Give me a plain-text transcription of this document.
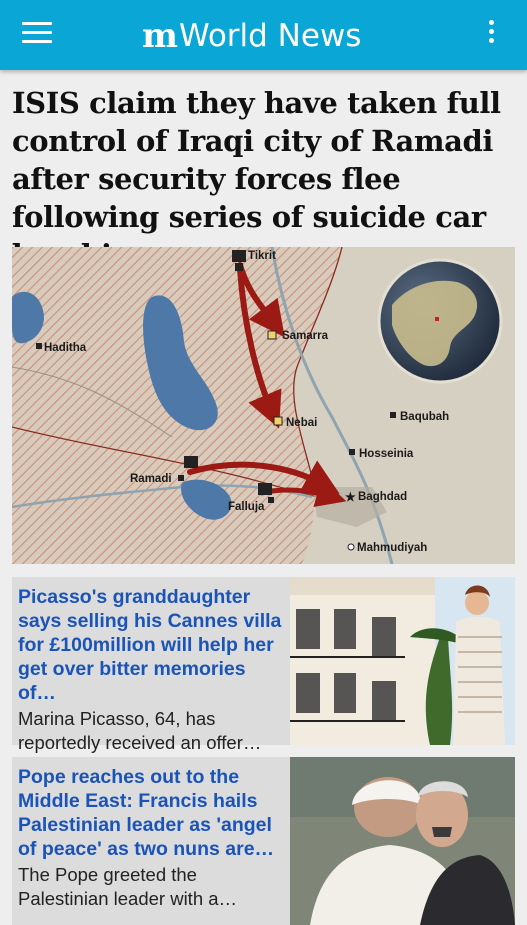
m World News
ISIS claim they have taken full control of Iraqi city of Ramadi after security forces flee following series of suicide car
Tikrit
Samarra
Haditha
Nebai	Baqubah
Hosseinia
Ramadi
Falluja
★ Baghdad
Mahmudiyah
Picasso's granddaughter says selling his Cannes villa for £100million will help her get over bitter memories of…
Marina Picasso, 64, has reportedly received an offer…
Pope reaches out to the Middle East: Francis hails Palestinian leader as 'angel of peace' as two nuns are…
The Pope greeted the Palestinian leader with a…
